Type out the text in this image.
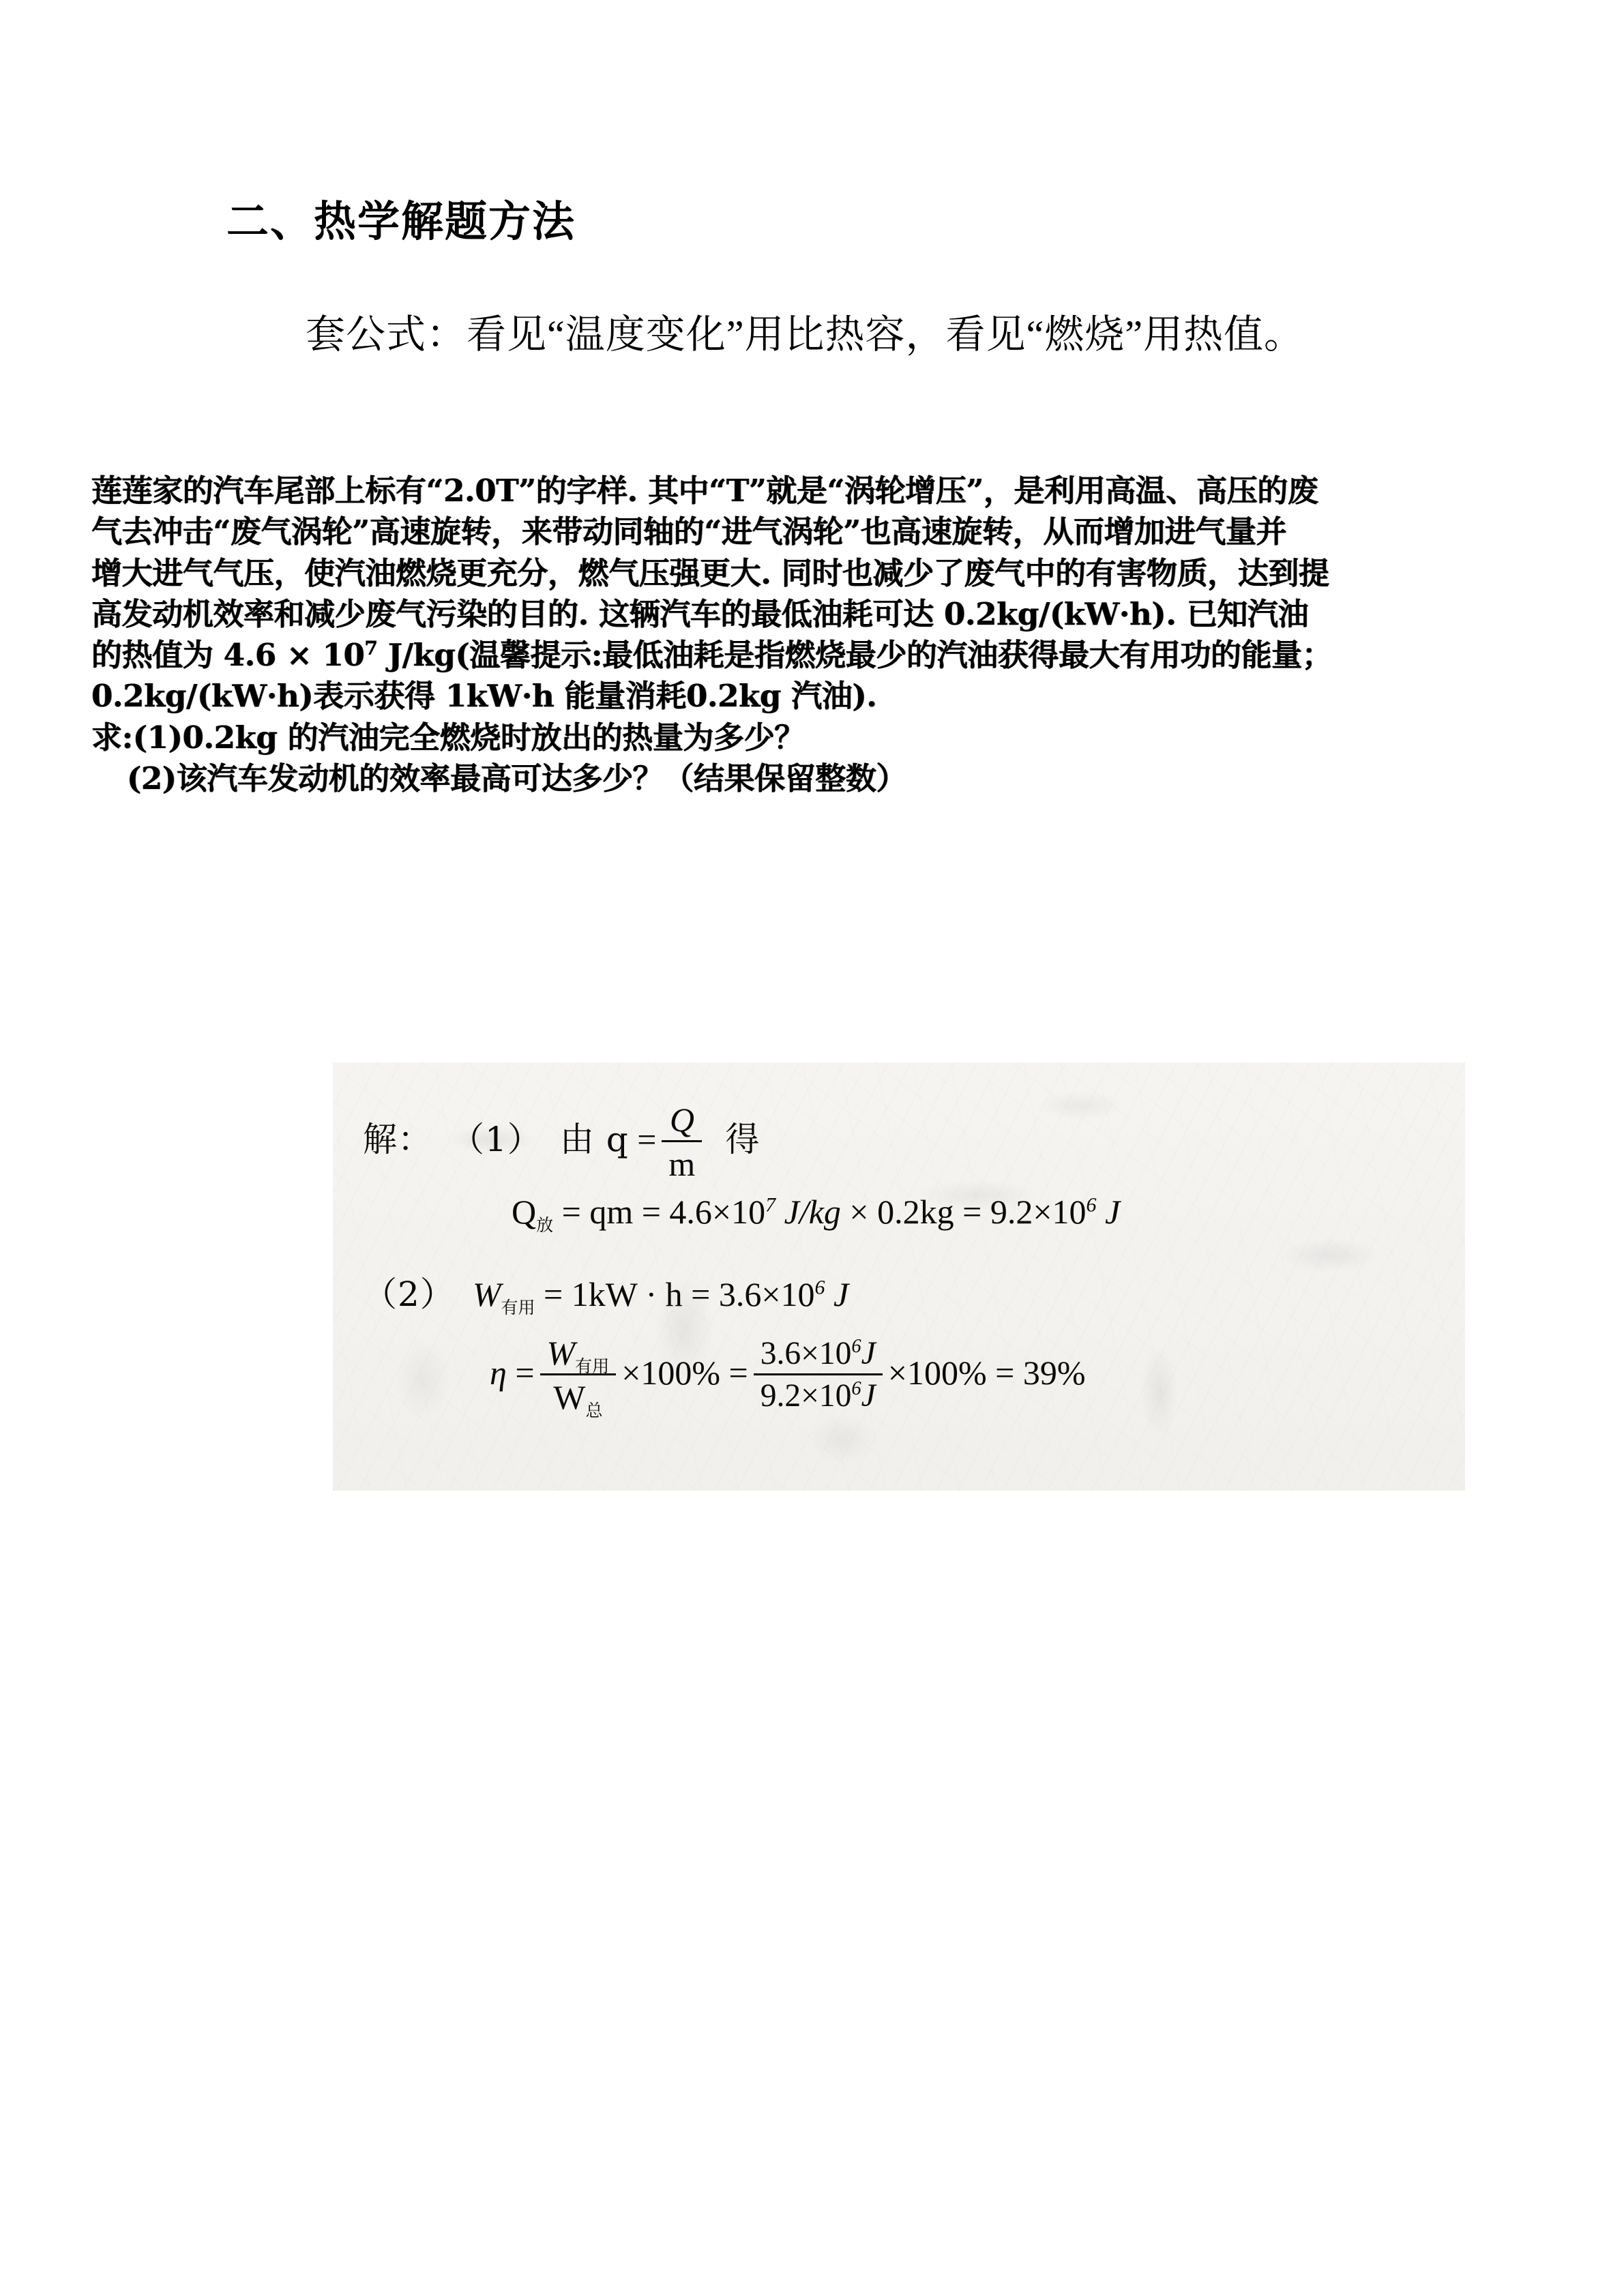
二、热学解题方法
套公式：看见“温度变化”用比热容，看见“燃烧”用热值。
莲莲家的汽车尾部上标有“2.0T”的字样. 其中“T”就是“涡轮增压”，是利用高温、高压的废
气去冲击“废气涡轮”高速旋转，来带动同轴的“进气涡轮”也高速旋转，从而增加进气量并
增大进气气压，使汽油燃烧更充分，燃气压强更大. 同时也减少了废气中的有害物质，达到提
高发动机效率和减少废气污染的目的. 这辆汽车的最低油耗可达 0.2kg/(kW·h). 已知汽油
的热值为 $4.6 \times 10^7$ J/kg(温馨提示:最低油耗是指燃烧最少的汽油获得最大有用功的能量；
0.2kg/(kW·h)表示获得 1kW·h 能量消耗0.2kg 汽油).
求:(1)0.2kg 的汽油完全燃烧时放出的热量为多少？
(2)该汽车发动机的效率最高可达多少？（结果保留整数）
解： （1） 由 $q = \frac{Q}{m}$ 得
$Q_放$ = qm = $4.6\times 10^7$ $J/kg \times 0.2kg = 9.2\times 10^6$ J
（2） $W_{有用} = 1kW \cdot h = 3.6\times 10^6$ J
$\eta = \frac{W_{有用}}{W_总} \times 100\% = \frac{3.6\times 10^6J}{9.2\times 10^6J} \times 100\% = 39\%$
